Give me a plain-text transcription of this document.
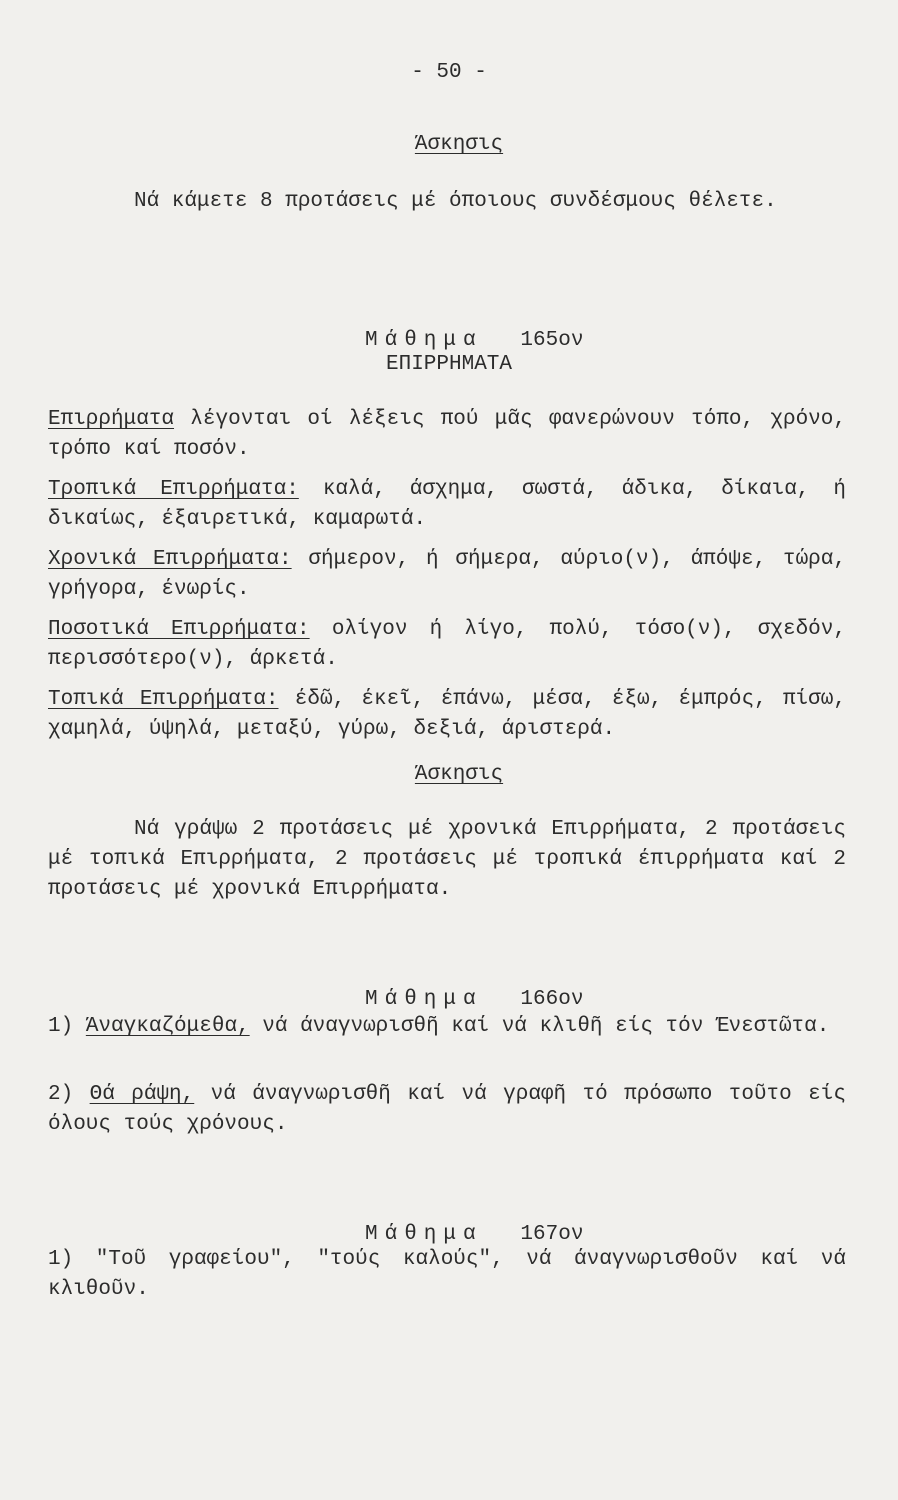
- 50 -
Άσκησις
Νά κάμετε 8 προτάσεις μέ όποιους συνδέσμους θέλετε.

Μάθημα 165ον

ΕΠΙΡΡΗΜΑΤΑ
Επιρρήματα λέγονται οί λέξεις πού μᾶς φανερώνουν τόπο, χρόνο, τρόπο καί ποσόν.
Τροπικά Επιρρήματα: καλά, άσχημα, σωστά, άδικα, δίκαια, ή δικαίως, έξαιρετικά, καμαρωτά.
Χρονικά Επιρρήματα: σήμερον, ή σήμερα, αύριο(ν), άπόψε, τώρα, γρήγορα, ένωρίς.
Ποσοτικά Επιρρήματα: ολίγον ή λίγο, πολύ, τόσο(ν), σχεδόν, περισσότερο(ν), άρκετά.
Τοπικά Επιρρήματα: έδῶ, έκεῖ, έπάνω, μέσα, έξω, έμπρός, πίσω, χαμηλά, ύψηλά, μεταξύ, γύρω, δεξιά, άριστερά.
Άσκησις
Νά γράψω 2 προτάσεις μέ χρονικά Επιρρήματα, 2 προτάσεις μέ τοπικά Επιρρήματα, 2 προτάσεις μέ τροπικά έπιρρήματα καί 2 προτάσεις μέ χρονικά Επιρρήματα.

Μάθημα 166ον

1) Άναγκαζόμεθα, νά άναγνωρισθῆ καί νά κλιθῆ είς τόν Ένεστῶτα.
2) Θά ράψη, νά άναγνωρισθῆ καί νά γραφῆ τό πρόσωπο τοῦτο είς όλους τούς χρόνους.

Μάθημα 167ον

1) "Τοῦ γραφείου", "τούς καλούς", νά άναγνωρισθοῦν καί νά κλιθοῦν.
